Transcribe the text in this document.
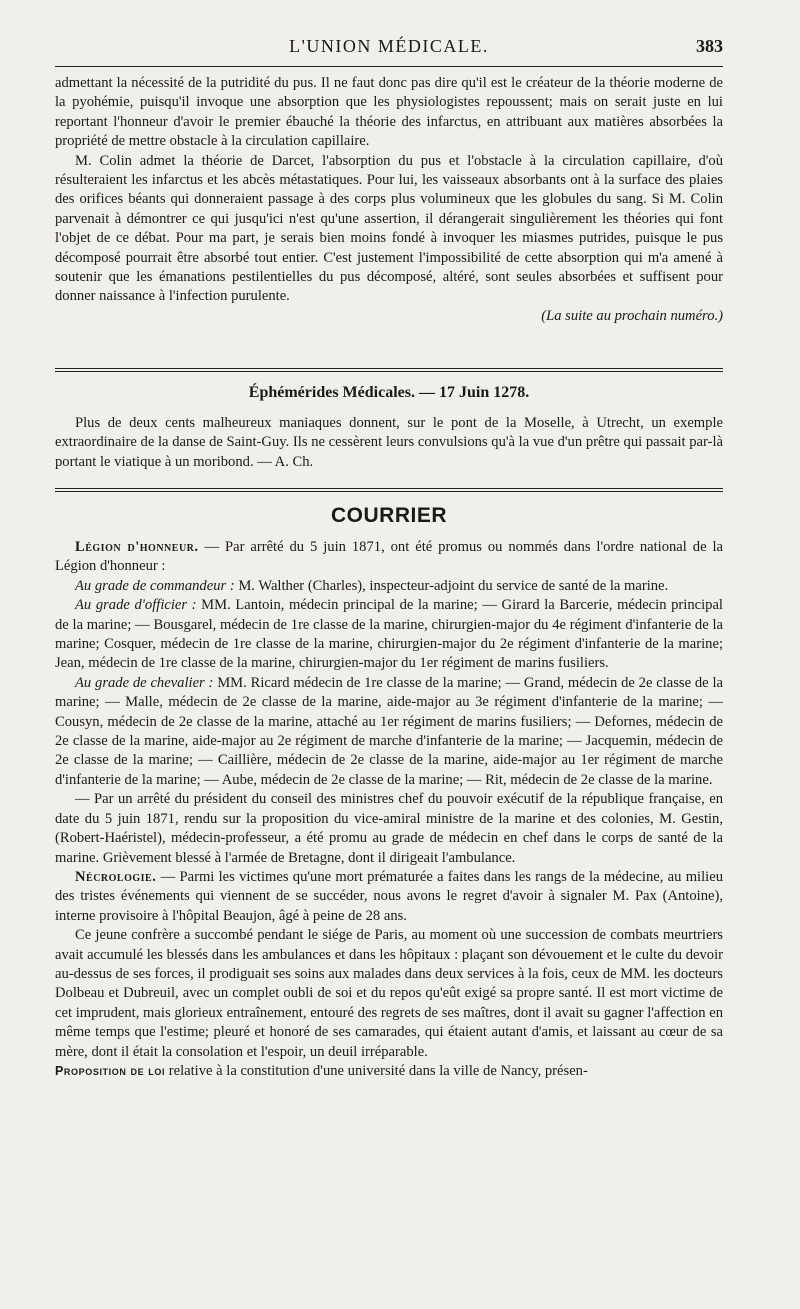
L'UNION MÉDICALE.	383

admettant la nécessité de la putridité du pus. Il ne faut donc pas dire qu'il est le créateur de la théorie moderne de la pyohémie, puisqu'il invoque une absorption que les physiologistes repoussent; mais on serait juste en lui reportant l'honneur d'avoir le premier ébauché la théorie des infarctus, en attribuant aux matières absorbées la propriété de mettre obstacle à la circulation capillaire.

M. Colin admet la théorie de Darcet, l'absorption du pus et l'obstacle à la circulation capillaire, d'où résulteraient les infarctus et les abcès métastatiques. Pour lui, les vaisseaux absorbants ont à la surface des plaies des orifices béants qui donneraient passage à des corps plus volumineux que les globules du sang. Si M. Colin parvenait à démontrer ce qui jusqu'ici n'est qu'une assertion, il dérangerait singulièrement les théories qui font l'objet de ce débat. Pour ma part, je serais bien moins fondé à invoquer les miasmes putrides, puisque le pus décomposé pourrait être absorbé tout entier. C'est justement l'impossibilité de cette absorption qui m'a amené à soutenir que les émanations pestilentielles du pus décomposé, altéré, sont seules absorbées et suffisent pour donner naissance à l'infection purulente.

(La suite au prochain numéro.)

Éphémérides Médicales. — 17 Juin 1278.

Plus de deux cents malheureux maniaques donnent, sur le pont de la Moselle, à Utrecht, un exemple extraordinaire de la danse de Saint-Guy. Ils ne cessèrent leurs convulsions qu'à la vue d'un prêtre qui passait par-là portant le viatique à un moribond. — A. Ch.

COURRIER

Légion d'honneur. — Par arrêté du 5 juin 1871, ont été promus ou nommés dans l'ordre national de la Légion d'honneur :

Au grade de commandeur : M. Walther (Charles), inspecteur-adjoint du service de santé de la marine.

Au grade d'officier : MM. Lantoin, médecin principal de la marine; — Girard la Barcerie, médecin principal de la marine; — Bousgarel, médecin de 1re classe de la marine, chirurgien-major du 4e régiment d'infanterie de la marine; Cosquer, médecin de 1re classe de la marine, chirurgien-major du 2e régiment d'infanterie de la marine; Jean, médecin de 1re classe de la marine, chirurgien-major du 1er régiment de marins fusiliers.

Au grade de chevalier : MM. Ricard médecin de 1re classe de la marine; — Grand, médecin de 2e classe de la marine; — Malle, médecin de 2e classe de la marine, aide-major au 3e régiment d'infanterie de la marine; — Cousyn, médecin de 2e classe de la marine, attaché au 1er régiment de marins fusiliers; — Defornes, médecin de 2e classe de la marine, aide-major au 2e régiment de marche d'infanterie de la marine; — Jacquemin, médecin de 2e classe de la marine; — Caillière, médecin de 2e classe de la marine, aide-major au 1er régiment de marche d'infanterie de la marine; — Aube, médecin de 2e classe de la marine; — Rit, médecin de 2e classe de la marine.

— Par un arrêté du président du conseil des ministres chef du pouvoir exécutif de la république française, en date du 5 juin 1871, rendu sur la proposition du vice-amiral ministre de la marine et des colonies, M. Gestin, (Robert-Haéristel), médecin-professeur, a été promu au grade de médecin en chef dans le corps de santé de la marine. Grièvement blessé à l'armée de Bretagne, dont il dirigeait l'ambulance.

Nécrologie. — Parmi les victimes qu'une mort prématurée a faites dans les rangs de la médecine, au milieu des tristes événements qui viennent de se succéder, nous avons le regret d'avoir à signaler M. Pax (Antoine), interne provisoire à l'hôpital Beaujon, âgé à peine de 28 ans.

Ce jeune confrère a succombé pendant le siége de Paris, au moment où une succession de combats meurtriers avait accumulé les blessés dans les ambulances et dans les hôpitaux : plaçant son dévouement et le culte du devoir au-dessus de ses forces, il prodiguait ses soins aux malades dans deux services à la fois, ceux de MM. les docteurs Dolbeau et Dubreuil, avec un complet oubli de soi et du repos qu'eût exigé sa propre santé. Il est mort victime de cet imprudent, mais glorieux entraînement, entouré des regrets de ses maîtres, dont il avait su gagner l'affection en même temps que l'estime; pleuré et honoré de ses camarades, qui étaient autant d'amis, et laissant au cœur de sa mère, dont il était la consolation et l'espoir, un deuil irréparable.

Proposition de loi relative à la constitution d'une université dans la ville de Nancy, présen-
